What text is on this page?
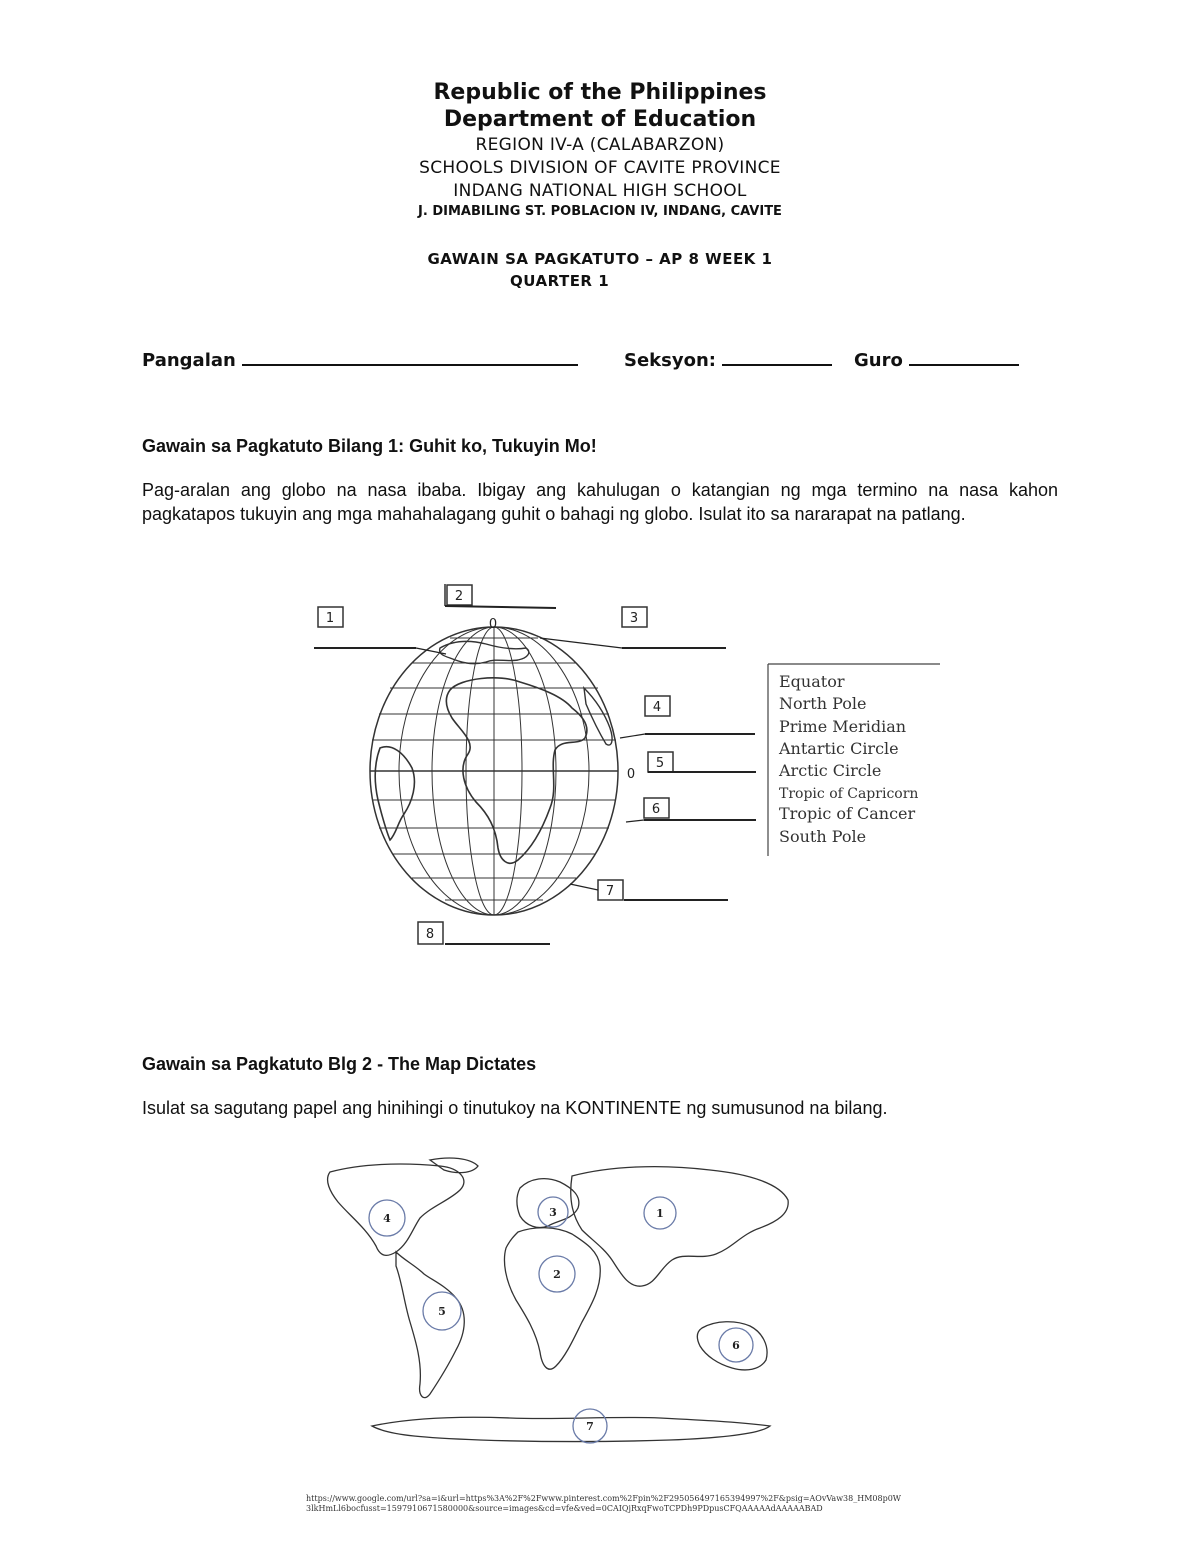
Republic of the Philippines
Department of Education
REGION IV-A (CALABARZON)
SCHOOLS DIVISION OF CAVITE PROVINCE
INDANG NATIONAL HIGH SCHOOL
J. DIMABILING ST. POBLACION IV, INDANG, CAVITE
GAWAIN SA PAGKATUTO – AP 8 WEEK 1
QUARTER 1
Pangalan	Seksyon:	Guro
Gawain sa Pagkatuto Bilang 1: Guhit ko, Tukuyin Mo!
Pag-aralan ang globo na nasa ibaba. Ibigay ang kahulugan o katangian ng mga termino na nasa kahon pagkatapos tukuyin ang mga mahahalagang guhit o bahagi ng globo. Isulat ito sa nararapat na patlang.
1
2
3
4
5
6
7
8
0
0
Equator
North Pole
Prime Meridian
Antartic Circle
Arctic Circle
Tropic of Capricorn
Tropic of Cancer
South Pole
Gawain sa Pagkatuto Blg 2 - The Map Dictates
Isulat sa sagutang papel ang hinihingi o tinutukoy na KONTINENTE ng sumusunod na bilang.
1
2
3
4
5
6
7
https://www.google.com/url?sa=i&url=https%3A%2F%2Fwww.pinterest.com%2Fpin%2F295056497165394997%2F&psig=AOvVaw38_HM08p0W3lkHmLl6bocfusst=1597910671580000&source=images&cd=vfe&ved=0CAIQjRxqFwoTCPDh9PDpusCFQAAAAAdAAAAABAD
